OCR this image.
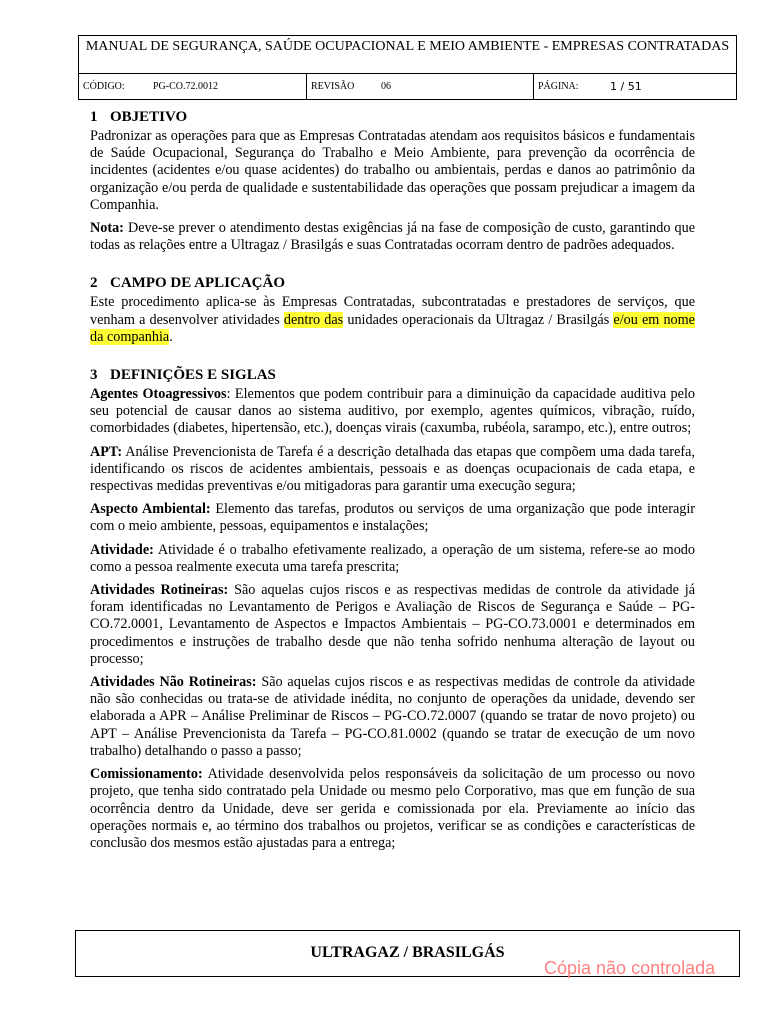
MANUAL DE SEGURANÇA, SAÚDE OCUPACIONAL E MEIO AMBIENTE - EMPRESAS CONTRATADAS
CÓDIGO:	PG-CO.72.0012	REVISÃO	06	PÁGINA:	1 / 51
1 OBJETIVO

Padronizar as operações para que as Empresas Contratadas atendam aos requisitos básicos e fundamentais de Saúde Ocupacional, Segurança do Trabalho e Meio Ambiente, para prevenção da ocorrência de incidentes (acidentes e/ou quase acidentes) do trabalho ou ambientais, perdas e danos ao patrimônio da organização e/ou perda de qualidade e sustentabilidade das operações que possam prejudicar a imagem da Companhia.

Nota: Deve-se prever o atendimento destas exigências já na fase de composição de custo, garantindo que todas as relações entre a Ultragaz / Brasilgás e suas Contratadas ocorram dentro de padrões adequados.

2 CAMPO DE APLICAÇÃO

Este procedimento aplica-se às Empresas Contratadas, subcontratadas e prestadores de serviços, que venham a desenvolver atividades dentro das unidades operacionais da Ultragaz / Brasilgás e/ou em nome da companhia.

3 DEFINIÇÕES E SIGLAS

Agentes Otoagressivos: Elementos que podem contribuir para a diminuição da capacidade auditiva pelo seu potencial de causar danos ao sistema auditivo, por exemplo, agentes químicos, vibração, ruído, comorbidades (diabetes, hipertensão, etc.), doenças virais (caxumba, rubéola, sarampo, etc.), entre outros;

APT: Análise Prevencionista de Tarefa é a descrição detalhada das etapas que compõem uma dada tarefa, identificando os riscos de acidentes ambientais, pessoais e as doenças ocupacionais de cada etapa, e respectivas medidas preventivas e/ou mitigadoras para garantir uma execução segura;

Aspecto Ambiental: Elemento das tarefas, produtos ou serviços de uma organização que pode interagir com o meio ambiente, pessoas, equipamentos e instalações;

Atividade: Atividade é o trabalho efetivamente realizado, a operação de um sistema, refere-se ao modo como a pessoa realmente executa uma tarefa prescrita;

Atividades Rotineiras: São aquelas cujos riscos e as respectivas medidas de controle da atividade já foram identificadas no Levantamento de Perigos e Avaliação de Riscos de Segurança e Saúde – PG-CO.72.0001, Levantamento de Aspectos e Impactos Ambientais – PG-CO.73.0001 e determinados em procedimentos e instruções de trabalho desde que não tenha sofrido nenhuma alteração de layout ou processo;

Atividades Não Rotineiras: São aquelas cujos riscos e as respectivas medidas de controle da atividade não são conhecidas ou trata-se de atividade inédita, no conjunto de operações da unidade, devendo ser elaborada a APR – Análise Preliminar de Riscos – PG-CO.72.0007 (quando se tratar de novo projeto) ou APT – Análise Prevencionista da Tarefa – PG-CO.81.0002 (quando se tratar de execução de um novo trabalho) detalhando o passo a passo;

Comissionamento: Atividade desenvolvida pelos responsáveis da solicitação de um processo ou novo projeto, que tenha sido contratado pela Unidade ou mesmo pelo Corporativo, mas que em função de sua ocorrência dentro da Unidade, deve ser gerida e comissionada por ela. Previamente ao início das operações normais e, ao término dos trabalhos ou projetos, verificar se as condições e características de conclusão dos mesmos estão ajustadas para a entrega;

ULTRAGAZ / BRASILGÁS
Cópia não controlada
